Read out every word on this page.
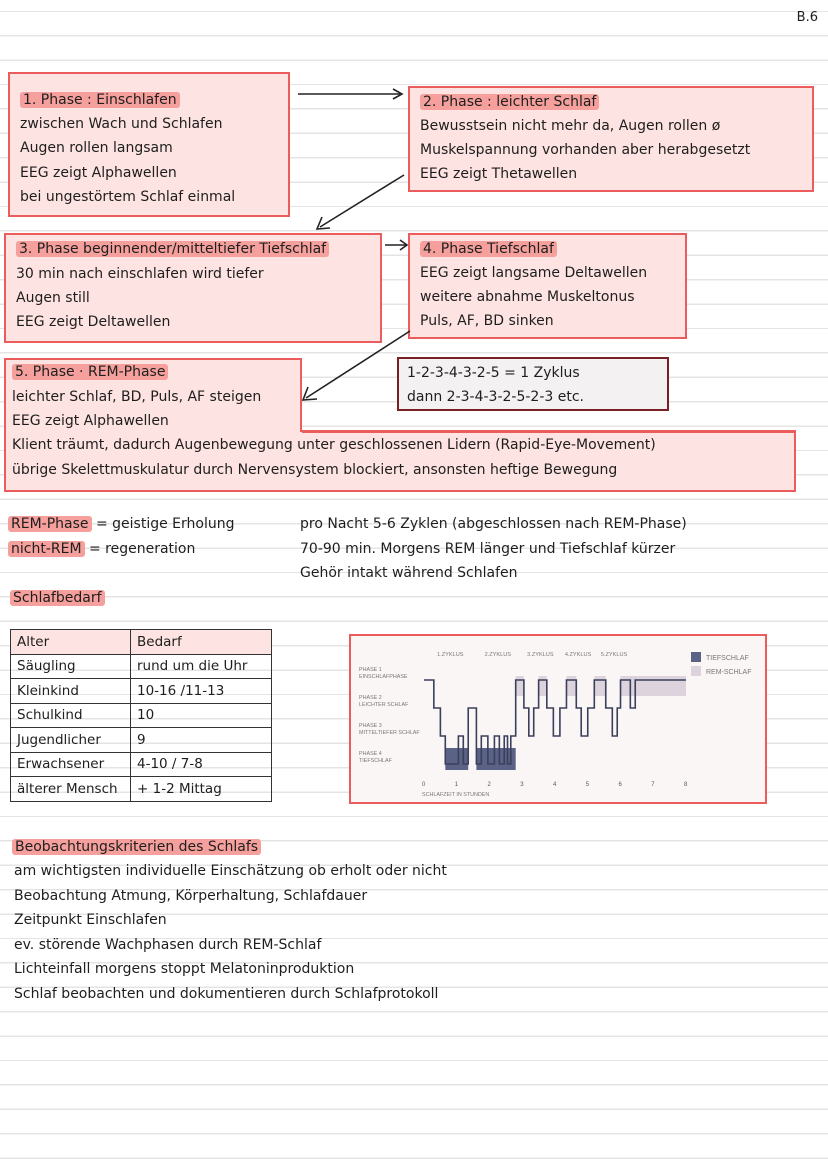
B.6
1. Phase : Einschlafen
zwischen Wach und Schlafen
Augen rollen langsam
EEG zeigt Alphawellen
bei ungestörtem Schlaf einmal
2. Phase : leichter Schlaf
Bewusstsein nicht mehr da, Augen rollen ø
Muskelspannung vorhanden aber herabgesetzt
EEG zeigt Thetawellen
3. Phase beginnender/mitteltiefer Tiefschlaf
30 min nach einschlafen wird tiefer
Augen still
EEG zeigt Deltawellen
4. Phase Tiefschlaf
EEG zeigt langsame Deltawellen
weitere abnahme Muskeltonus
Puls, AF, BD sinken
5. Phase · REM-Phase
leichter Schlaf, BD, Puls, AF steigen
EEG zeigt Alphawellen
Klient träumt, dadurch Augenbewegung unter geschlossenen Lidern (Rapid-Eye-Movement)
übrige Skelettmuskulatur durch Nervensystem blockiert, ansonsten heftige Bewegung
1-2-3-4-3-2-5 = 1 Zyklus
dann 2-3-4-3-2-5-2-3 etc.
REM-Phase = geistige Erholung
nicht-REM = regeneration
pro Nacht 5-6 Zyklen (abgeschlossen nach REM-Phase)
70-90 min. Morgens REM länger und Tiefschlaf kürzer
Gehör intakt während Schlafen
Schlafbedarf
Alter	Bedarf
Säugling	rund um die Uhr
Kleinkind	10-16 /11-13
Schulkind	10
Jugendlicher	9
Erwachsener	4-10 / 7-8
älterer Mensch	+ 1-2 Mittag
PHASE 1 EINSCHLAFPHASE
PHASE 2 LEICHTER SCHLAF
PHASE 3 MITTELTIEFER SCHLAF
PHASE 4 TIEFSCHLAF
1.ZYKLUS	2.ZYKLUS	3.ZYKLUS 4.ZYKLUS 5.ZYKLUS
0	1	2	3	4	5	6	7	8
SCHLAFZEIT IN STUNDEN
TIEFSCHLAF
REM-SCHLAF
Beobachtungskriterien des Schlafs
am wichtigsten individuelle Einschätzung ob erholt oder nicht
Beobachtung Atmung, Körperhaltung, Schlafdauer
Zeitpunkt Einschlafen
ev. störende Wachphasen durch REM-Schlaf
Lichteinfall morgens stoppt Melatoninproduktion
Schlaf beobachten und dokumentieren durch Schlafprotokoll
